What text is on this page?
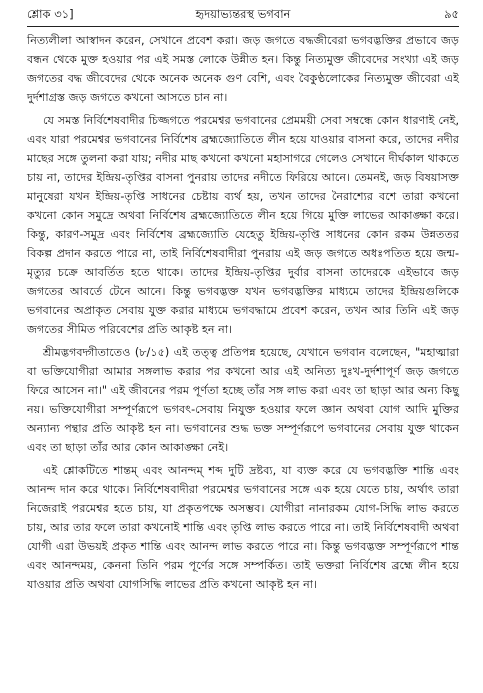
শ্লোক ৩১]	হৃদয়াভ্যন্তরস্থ ভগবান	৯৫

নিত্যলীলা আস্বাদন করেন, সেখানে প্রবেশ করা। জড় জগতে বদ্ধজীবেরা ভগবদ্ভক্তির প্রভাবে জড় বন্ধন থেকে মুক্ত হওয়ার পর এই সমস্ত লোকে উন্নীত হন। কিন্তু নিত্যমুক্ত জীবেদের সংখ্যা এই জড় জগতের বদ্ধ জীবেদের থেকে অনেক অনেক গুণ বেশি, এবং বৈকুণ্ঠলোকের নিত্যমুক্ত জীবেরা এই দুর্দশাগ্রস্ত জড় জগতে কখনো আসতে চান না।

যে সমস্ত নির্বিশেষবাদীর চিজ্জগতে পরমেশ্বর ভগবানের প্রেমময়ী সেবা সম্বন্ধে কোন ধারণাই নেই, এবং যারা পরমেশ্বর ভগবানের নির্বিশেষ ব্রহ্মজ্যোতিতে লীন হয়ে যাওয়ার বাসনা করে, তাদের নদীর মাছের সঙ্গে তুলনা করা যায়; নদীর মাছ কখনো কখনো মহাসাগরে গেলেও সেখানে দীর্ঘকাল থাকতে চায় না, তাদের ইন্দ্রিয়-তৃপ্তির বাসনা পুনরায় তাদের নদীতে ফিরিয়ে আনে। তেমনই, জড় বিষয়াসক্ত মানুষেরা যখন ইন্দ্রিয়-তৃপ্তি সাধনের চেষ্টায় ব্যর্থ হয়, তখন তাদের নৈরাশ্যের বশে তারা কখনো কখনো কোন সমুদ্রে অথবা নির্বিশেষ ব্রহ্মজ্যোতিতে লীন হয়ে গিয়ে মুক্তি লাভের আকাঙ্ক্ষা করে। কিন্তু, কারণ-সমুদ্র এবং নির্বিশেষ ব্রহ্মজ্যোতি যেহেতু ইন্দ্রিয়-তৃপ্তি সাধনের কোন রকম উন্নততর বিকল্প প্রদান করতে পারে না, তাই নির্বিশেষবাদীরা পুনরায় এই জড় জগতে অধঃপতিত হয়ে জন্ম-মৃত্যুর চক্রে আবর্তিত হতে থাকে। তাদের ইন্দ্রিয়-তৃপ্তির দুর্বার বাসনা তাদেরকে এইভাবে জড় জগতের আবর্তে টেনে আনে। কিন্তু ভগবদ্ভক্ত যখন ভগবদ্ভক্তির মাধ্যমে তাদের ইন্দ্রিয়গুলিকে ভগবানের অপ্রাকৃত সেবায় যুক্ত করার মাধ্যমে ভগবদ্ধামে প্রবেশ করেন, তখন আর তিনি এই জড় জগতের সীমিত পরিবেশের প্রতি আকৃষ্ট হন না।

শ্রীমদ্ভগবদ্গীতাতেও (৮/১৫) এই তত্ত্ব প্রতিপন্ন হয়েছে, যেখানে ভগবান বলেছেন, "মহাত্মারা বা ভক্তিযোগীরা আমার সঙ্গলাভ করার পর কখনো আর এই অনিত্য দুঃখ-দুর্দশাপূর্ণ জড় জগতে ফিরে আসেন না।" এই জীবনের পরম পূর্ণতা হচ্ছে তাঁর সঙ্গ লাভ করা এবং তা ছাড়া আর অন্য কিছু নয়। ভক্তিযোগীরা সম্পূর্ণরূপে ভগবৎ-সেবায় নিযুক্ত হওয়ার ফলে জ্ঞান অথবা যোগ আদি মুক্তির অন্যান্য পন্থার প্রতি আকৃষ্ট হন না। ভগবানের শুদ্ধ ভক্ত সম্পূর্ণরূপে ভগবানের সেবায় যুক্ত থাকেন এবং তা ছাড়া তাঁর আর কোন আকাঙ্ক্ষা নেই।

এই শ্লোকটিতে শান্তম্ এবং আনন্দম্ শব্দ দুটি দ্রষ্টব্য, যা ব্যক্ত করে যে ভগবদ্ভক্তি শান্তি এবং আনন্দ দান করে থাকে। নির্বিশেষবাদীরা পরমেশ্বর ভগবানের সঙ্গে এক হয়ে যেতে চায়, অর্থাৎ তারা নিজেরাই পরমেশ্বর হতে চায়, যা প্রকৃতপক্ষে অসম্ভব। যোগীরা নানারকম যোগ-সিদ্ধি লাভ করতে চায়, আর তার ফলে তারা কখনোই শান্তি এবং তৃপ্তি লাভ করতে পারে না। তাই নির্বিশেষবাদী অথবা যোগী এরা উভয়ই প্রকৃত শান্তি এবং আনন্দ লাভ করতে পারে না। কিন্তু ভগবদ্ভক্ত সম্পূর্ণরূপে শান্ত এবং আনন্দময়, কেননা তিনি পরম পূর্ণের সঙ্গে সম্পর্কিত। তাই ভক্তরা নির্বিশেষ ব্রহ্মে লীন হয়ে যাওয়ার প্রতি অথবা যোগসিদ্ধি লাভের প্রতি কখনো আকৃষ্ট হন না।
